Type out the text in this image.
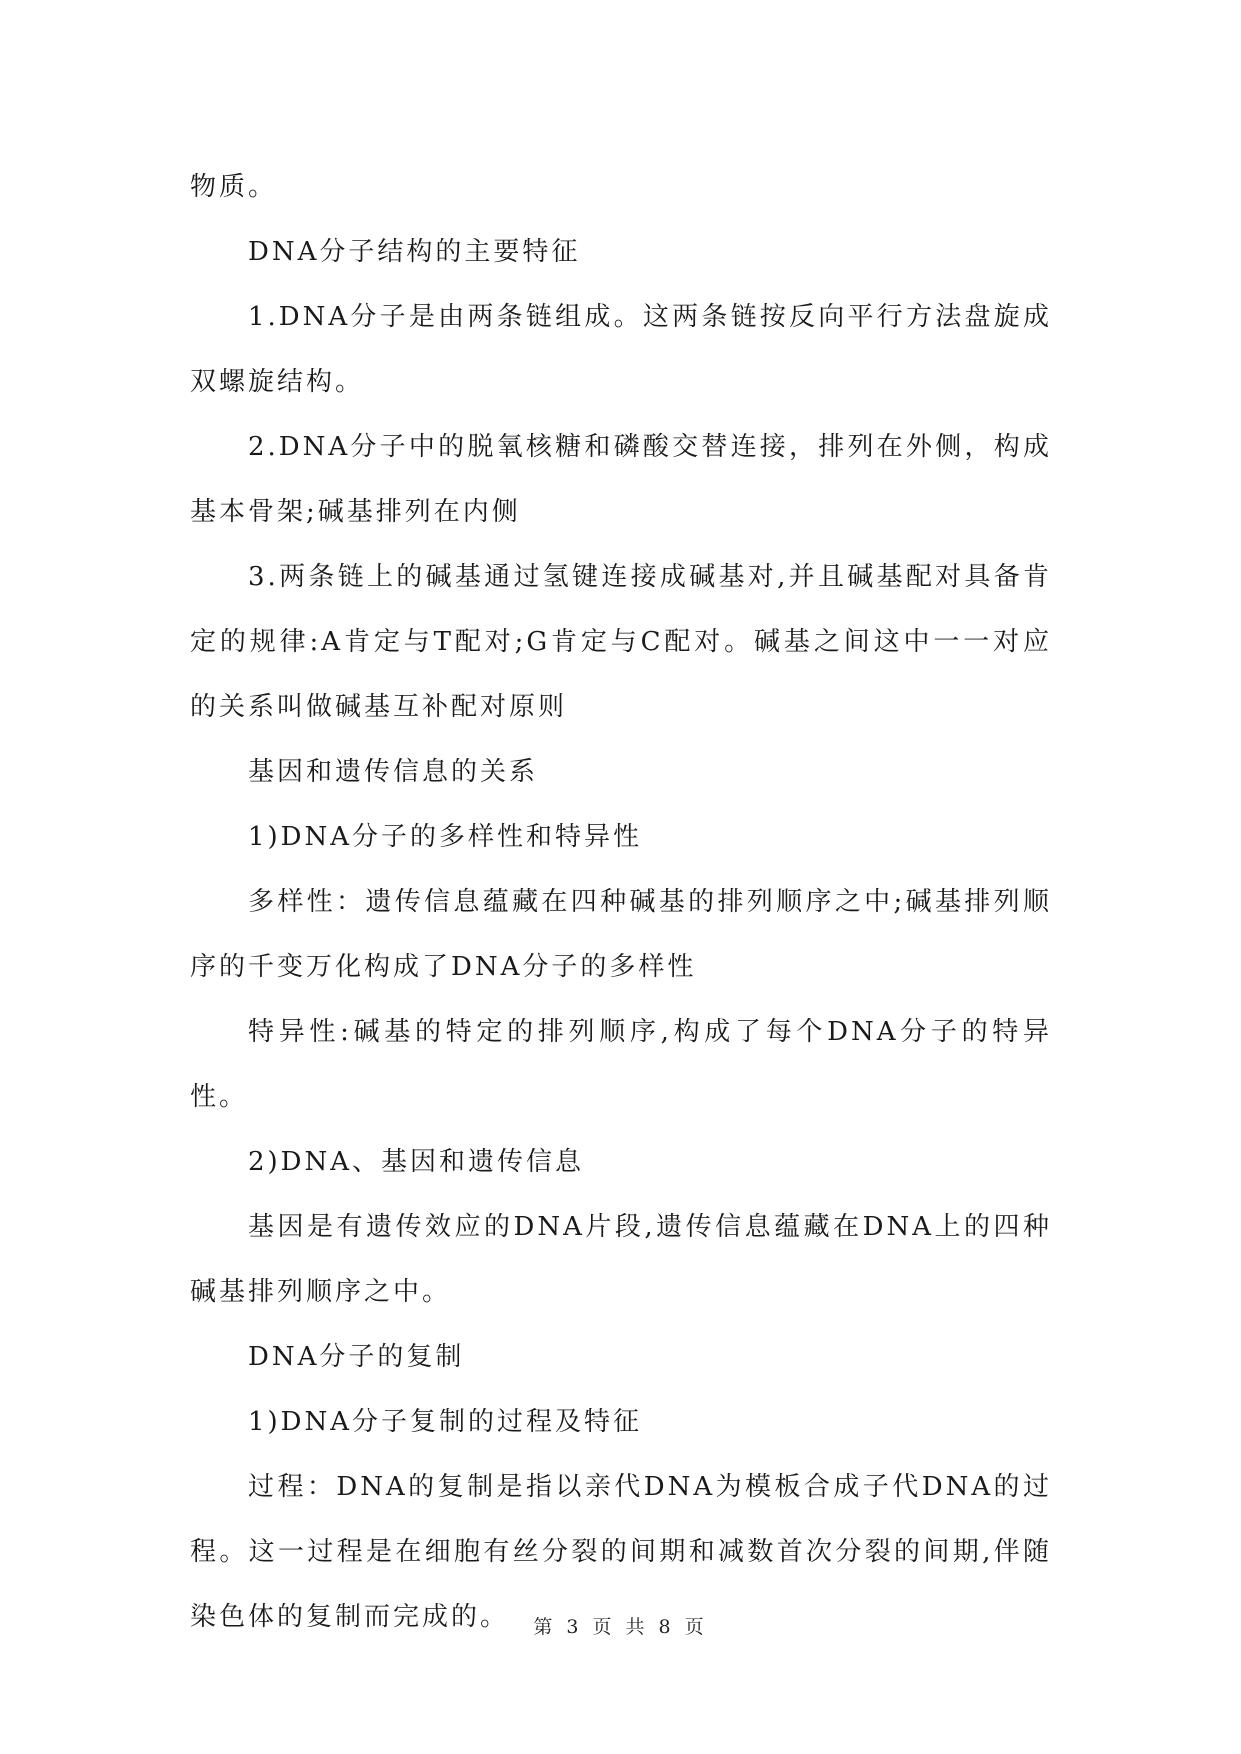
物质。

DNA分子结构的主要特征

1.DNA分子是由两条链组成。这两条链按反向平行方法盘旋成双螺旋结构。

2.DNA分子中的脱氧核糖和磷酸交替连接，排列在外侧，构成基本骨架;碱基排列在内侧

3.两条链上的碱基通过氢键连接成碱基对,并且碱基配对具备肯定的规律:A肯定与T配对;G肯定与C配对。碱基之间这中一一对应的关系叫做碱基互补配对原则

基因和遗传信息的关系

1)DNA分子的多样性和特异性

多样性：遗传信息蕴藏在四种碱基的排列顺序之中;碱基排列顺序的千变万化构成了DNA分子的多样性

特异性:碱基的特定的排列顺序,构成了每个DNA分子的特异性。

2)DNA、基因和遗传信息

基因是有遗传效应的DNA片段,遗传信息蕴藏在DNA上的四种碱基排列顺序之中。

DNA分子的复制

1)DNA分子复制的过程及特征

过程：DNA的复制是指以亲代DNA为模板合成子代DNA的过程。这一过程是在细胞有丝分裂的间期和减数首次分裂的间期,伴随染色体的复制而完成的。	第 3 页 共 8 页
